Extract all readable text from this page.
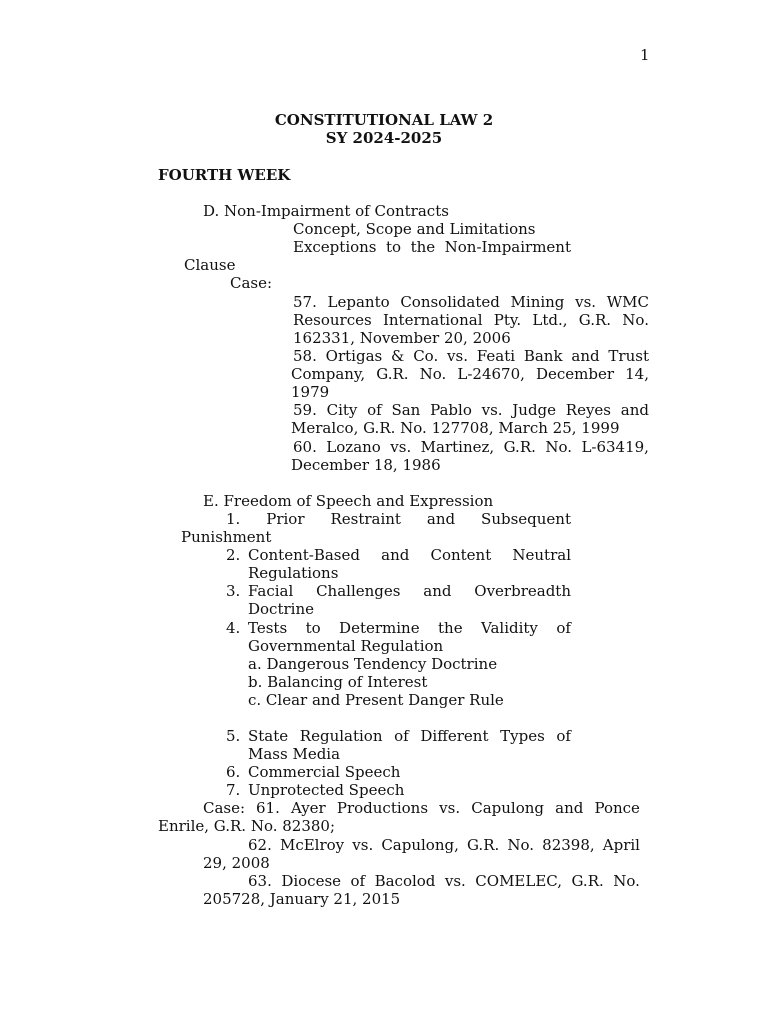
1
CONSTITUTIONAL LAW 2
SY 2024-2025
FOURTH WEEK
D. Non-Impairment of Contracts
Concept, Scope and Limitations
Exceptions to the Non-Impairment
Clause
Case:
57. Lepanto Consolidated Mining vs. WMC
Resources International Pty. Ltd., G.R. No.
162331, November 20, 2006
58. Ortigas & Co. vs. Feati Bank and Trust
Company, G.R. No. L-24670, December 14,
1979
59. City of San Pablo vs. Judge Reyes and
Meralco, G.R. No. 127708, March 25, 1999
60. Lozano vs. Martinez, G.R. No. L-63419,
December 18, 1986
E. Freedom of Speech and Expression
1. Prior Restraint and Subsequent
Punishment
2. Content-Based and Content Neutral
Regulations
3. Facial Challenges and Overbreadth
Doctrine
4. Tests to Determine the Validity of
Governmental Regulation
a. Dangerous Tendency Doctrine
b. Balancing of Interest
c. Clear and Present Danger Rule
5. State Regulation of Different Types of
Mass Media
6. Commercial Speech
7. Unprotected Speech
Case: 61. Ayer Productions vs. Capulong and Ponce
Enrile, G.R. No. 82380;
62. McElroy vs. Capulong, G.R. No. 82398, April
29, 2008
63. Diocese of Bacolod vs. COMELEC, G.R. No.
205728, January 21, 2015
